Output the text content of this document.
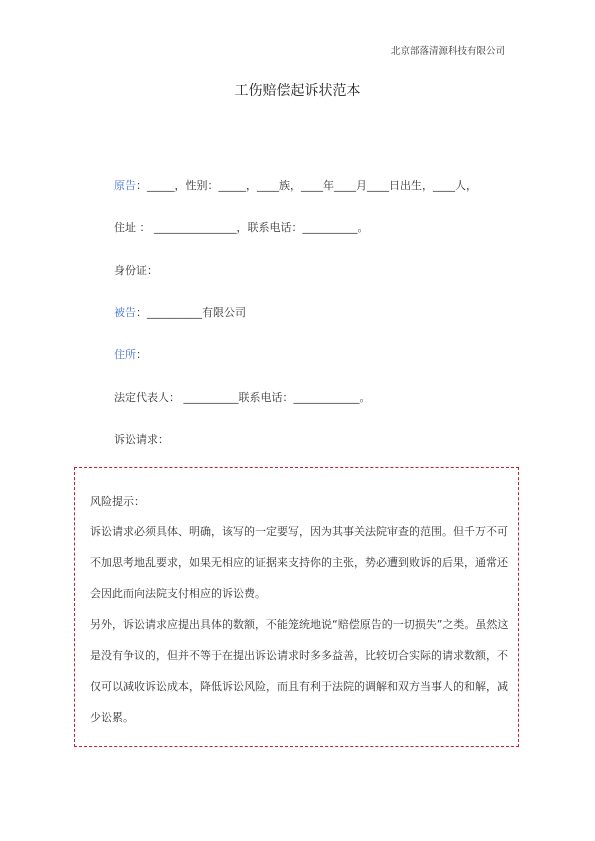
北京部落清源科技有限公司
工伤赔偿起诉状范本
原告：_____，性别：_____，____族，____年____月____日出生，____人，
住址 ： _______________，联系电话：__________。
身份证：
被告：__________有限公司
住所：
法定代表人： __________联系电话：____________。
诉讼请求：
风险提示：

诉讼请求必须具体、明确，该写的一定要写，因为其事关法院审查的范围。但千万不可不加思考地乱要求，如果无相应的证据来支持你的主张，势必遭到败诉的后果，通常还会因此而向法院支付相应的诉讼费。

另外，诉讼请求应提出具体的数额，不能笼统地说“赔偿原告的一切损失”之类。虽然这是没有争议的，但并不等于在提出诉讼请求时多多益善，比较切合实际的请求数额，不仅可以减收诉讼成本，降低诉讼风险，而且有利于法院的调解和双方当事人的和解，减少讼累。
